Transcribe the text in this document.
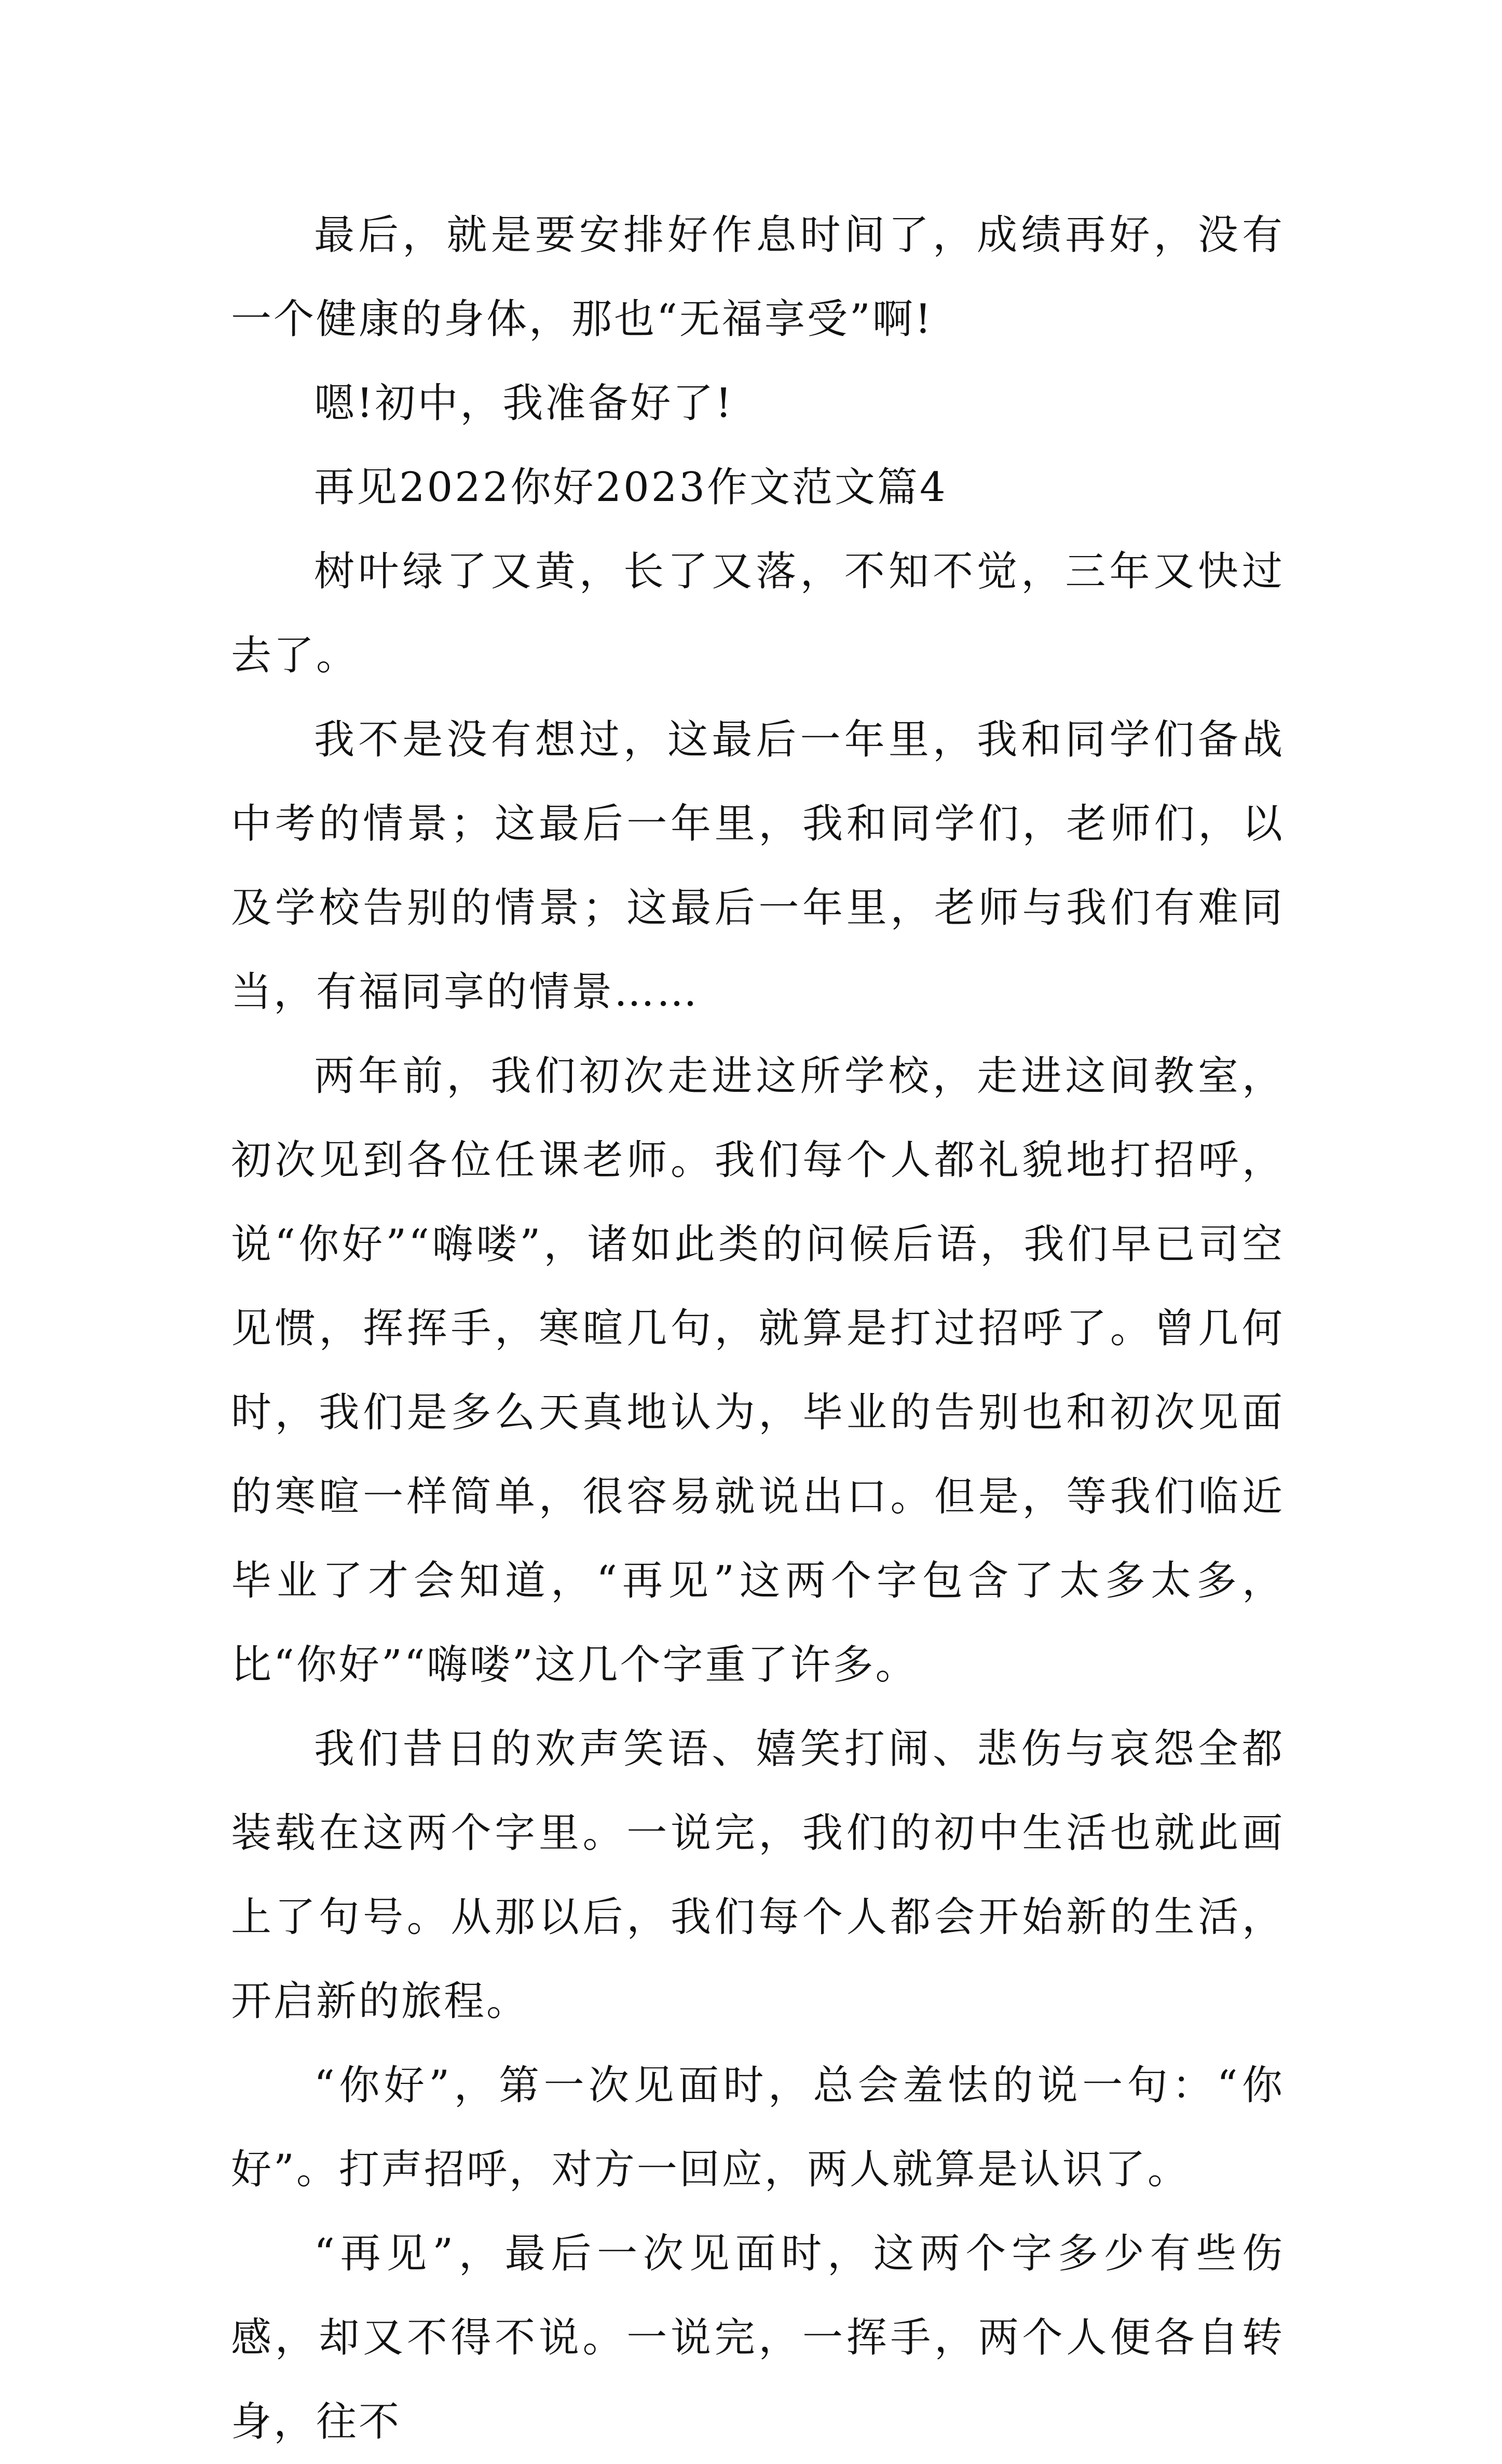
最后，就是要安排好作息时间了，成绩再好，没有一个健康的身体，那也“无福享受”啊!

嗯!初中，我准备好了!

再见2022你好2023作文范文篇4

树叶绿了又黄，长了又落，不知不觉，三年又快过去了。

我不是没有想过，这最后一年里，我和同学们备战中考的情景；这最后一年里，我和同学们，老师们，以及学校告别的情景；这最后一年里，老师与我们有难同当，有福同享的情景……

两年前，我们初次走进这所学校，走进这间教室，初次见到各位任课老师。我们每个人都礼貌地打招呼，说“你好”“嗨喽”，诸如此类的问候后语，我们早已司空见惯，挥挥手，寒暄几句，就算是打过招呼了。曾几何时，我们是多么天真地认为，毕业的告别也和初次见面的寒暄一样简单，很容易就说出口。但是，等我们临近毕业了才会知道，“再见”这两个字包含了太多太多，比“你好”“嗨喽”这几个字重了许多。

我们昔日的欢声笑语、嬉笑打闹、悲伤与哀怨全都装载在这两个字里。一说完，我们的初中生活也就此画上了句号。从那以后，我们每个人都会开始新的生活，开启新的旅程。

“你好”，第一次见面时，总会羞怯的说一句：“你好”。打声招呼，对方一回应，两人就算是认识了。

“再见”，最后一次见面时，这两个字多少有些伤感，却又不得不说。一说完，一挥手，两个人便各自转身，往不
